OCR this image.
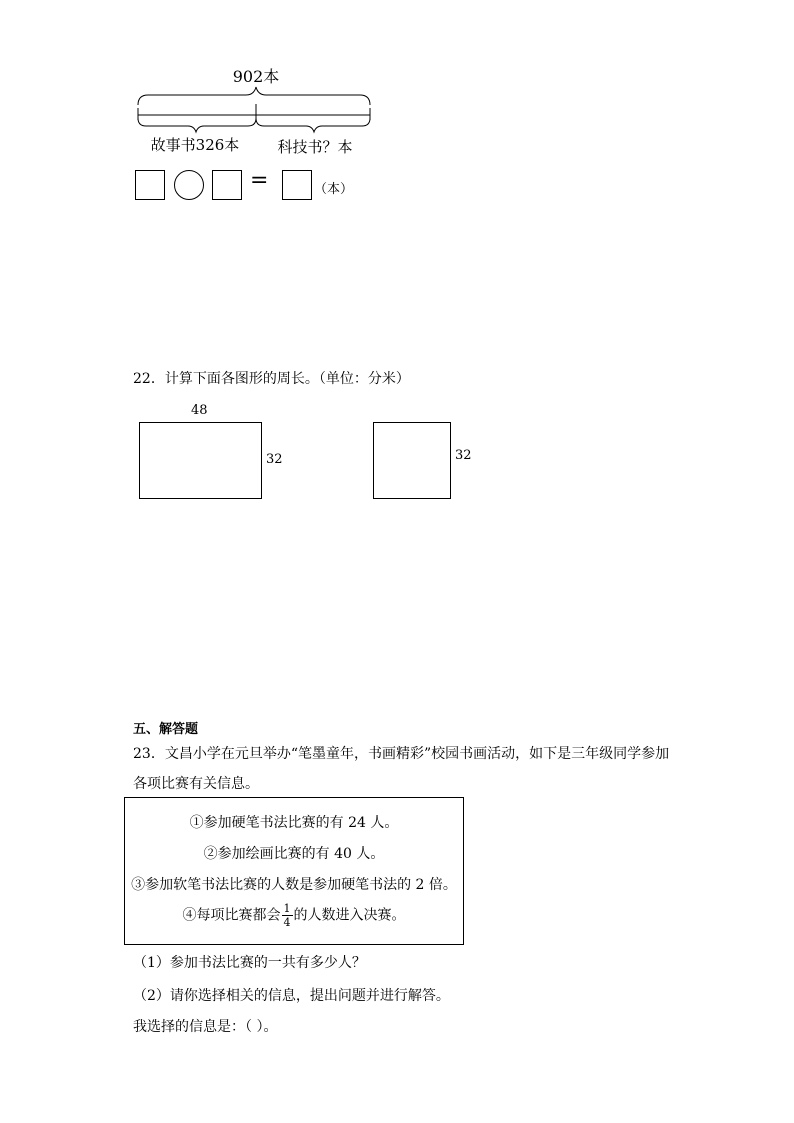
902本
故事书326本	科技书？本
=	（本）
22．计算下面各图形的周长。（单位：分米）
48
32	32
五、解答题
23．文昌小学在元旦举办“笔墨童年，书画精彩”校园书画活动，如下是三年级同学参加
各项比赛有关信息。
①参加硬笔书法比赛的有 24 人。
②参加绘画比赛的有 40 人。
③参加软笔书法比赛的人数是参加硬笔书法的 2 倍。
④每项比赛都会 $\frac{1}{4}$ 的人数进入决赛。
（1）参加书法比赛的一共有多少人？
（2）请你选择相关的信息，提出问题并进行解答。
我选择的信息是：（ ）。
